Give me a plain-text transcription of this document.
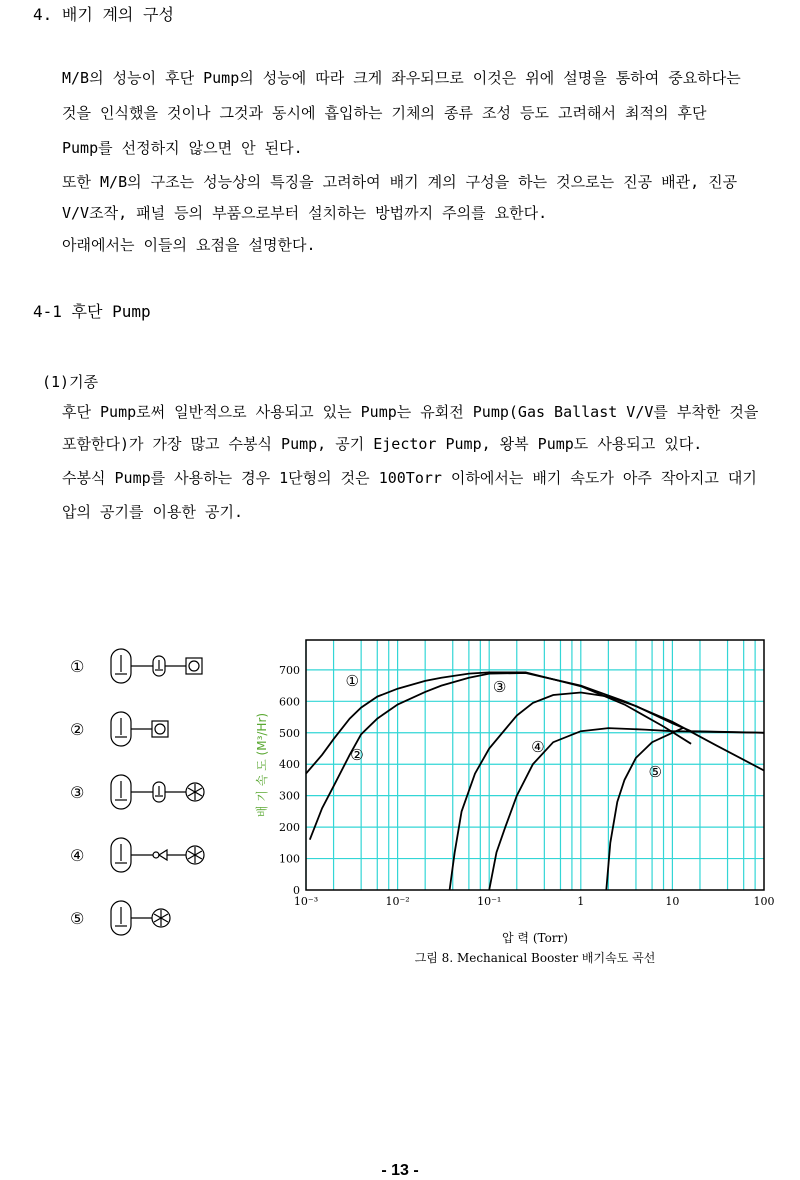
4. 배기 계의 구성
M/B의 성능이 후단 Pump의 성능에 따라 크게 좌우되므로 이것은 위에 설명을 통하여 중요하다는
것을 인식했을 것이나 그것과 동시에 흡입하는 기체의 종류 조성 등도 고려해서 최적의 후단
Pump를 선정하지 않으면 안 된다.
또한 M/B의 구조는 성능상의 특징을 고려하여 배기 계의 구성을 하는 것으로는 진공 배관, 진공
V/V조작, 패널 등의 부품으로부터 설치하는 방법까지 주의를 요한다.
아래에서는 이들의 요점을 설명한다.
4-1 후단 Pump
(1)기종
후단 Pump로써 일반적으로 사용되고 있는 Pump는 유회전 Pump(Gas Ballast V/V를 부착한 것을
포함한다)가 가장 많고 수봉식 Pump, 공기 Ejector Pump, 왕복 Pump도 사용되고 있다.
수봉식 Pump를 사용하는 경우 1단형의 것은 100Torr 이하에서는 배기 속도가 아주 작아지고 대기
압의 공기를 이용한 공기.
①
②
③
④
⑤
0
100
200
300
400
500
600
700
10⁻³	10⁻²	10⁻¹	1	10	100
①
②
③
④
⑤
배 기 속 도 (M³/Hr)
압 력 (Torr)
그림 8. Mechanical Booster 배기속도 곡선
- 13 -
